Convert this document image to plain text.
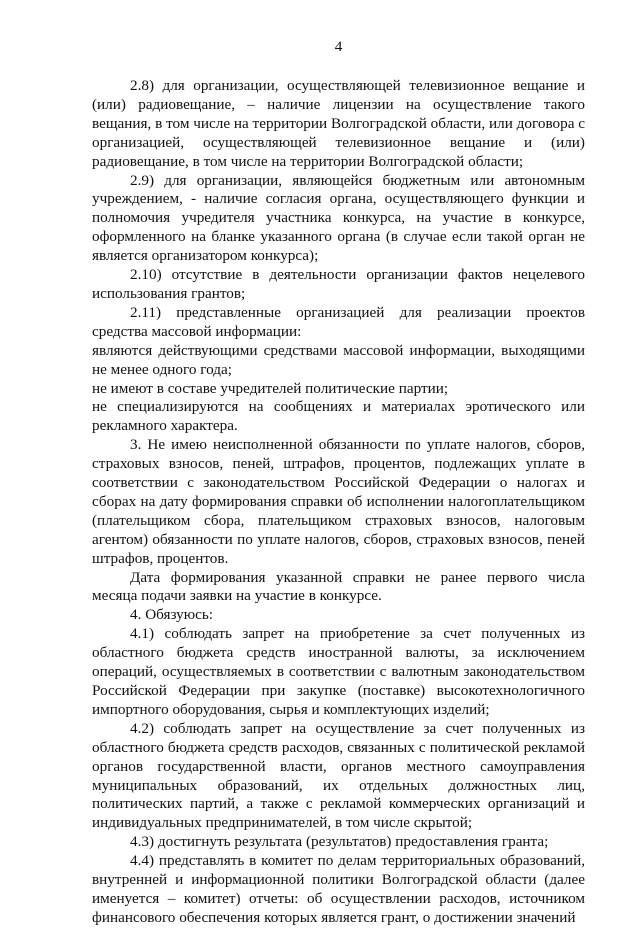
4

2.8) для организации, осуществляющей телевизионное вещание и (или) радиовещание, – наличие лицензии на осуществление такого вещания, в том числе на территории Волгоградской области, или договора с организацией, осуществляющей телевизионное вещание и (или) радиовещание, в том числе на территории Волгоградской области;

2.9) для организации, являющейся бюджетным или автономным учреждением, - наличие согласия органа, осуществляющего функции и полномочия учредителя участника конкурса, на участие в конкурсе, оформленного на бланке указанного органа (в случае если такой орган не является организатором конкурса);

2.10) отсутствие в деятельности организации фактов нецелевого использования грантов;

2.11) представленные организацией для реализации проектов средства массовой информации:

являются действующими средствами массовой информации, выходящими не менее одного года;

не имеют в составе учредителей политические партии;

не специализируются на сообщениях и материалах эротического или рекламного характера.

3. Не имею неисполненной обязанности по уплате налогов, сборов, страховых взносов, пеней, штрафов, процентов, подлежащих уплате в соответствии с законодательством Российской Федерации о налогах и сборах на дату формирования справки об исполнении налогоплательщиком (плательщиком сбора, плательщиком страховых взносов, налоговым агентом) обязанности по уплате налогов, сборов, страховых взносов, пеней штрафов, процентов.

Дата формирования указанной справки не ранее первого числа месяца подачи заявки на участие в конкурсе.

4. Обязуюсь:

4.1) соблюдать запрет на приобретение за счет полученных из областного бюджета средств иностранной валюты, за исключением операций, осуществляемых в соответствии с валютным законодательством Российской Федерации при закупке (поставке) высокотехнологичного импортного оборудования, сырья и комплектующих изделий;

4.2) соблюдать запрет на осуществление за счет полученных из областного бюджета средств расходов, связанных с политической рекламой органов государственной власти, органов местного самоуправления муниципальных образований, их отдельных должностных лиц, политических партий, а также с рекламой коммерческих организаций и индивидуальных предпринимателей, в том числе скрытой;

4.3) достигнуть результата (результатов) предоставления гранта;

4.4) представлять в комитет по делам территориальных образований, внутренней и информационной политики Волгоградской области (далее именуется – комитет) отчеты: об осуществлении расходов, источником финансового обеспечения которых является грант, о достижении значений
